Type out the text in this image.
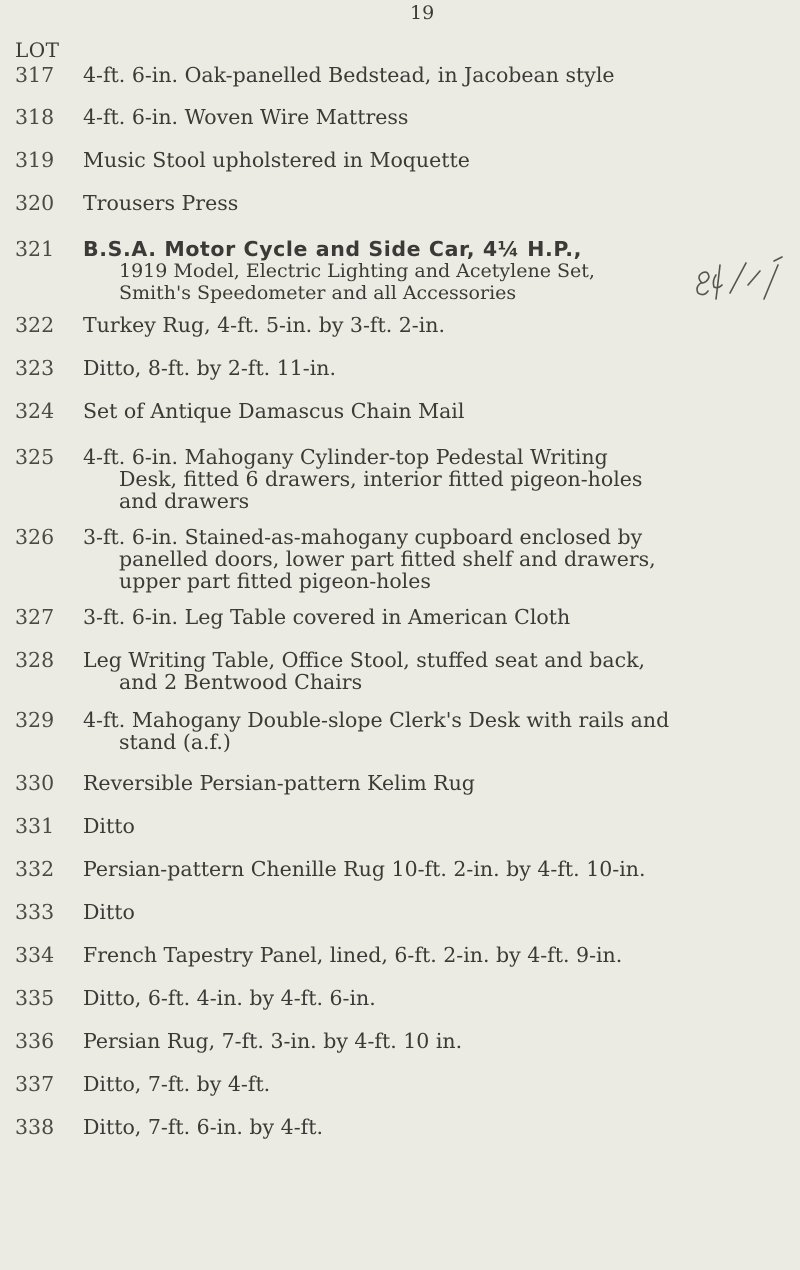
19
LOT
317	4-ft. 6-in. Oak-panelled Bedstead, in Jacobean style
318	4-ft. 6-in. Woven Wire Mattress
319	Music Stool upholstered in Moquette
320	Trousers Press
321	B.S.A. Motor Cycle and Side Car, 4¼ H.P.,
1919 Model, Electric Lighting and Acetylene Set,
Smith's Speedometer and all Accessories
322	Turkey Rug, 4-ft. 5-in. by 3-ft. 2-in.
323	Ditto, 8-ft. by 2-ft. 11-in.
324	Set of Antique Damascus Chain Mail
325	4-ft. 6-in. Mahogany Cylinder-top Pedestal Writing
Desk, fitted 6 drawers, interior fitted pigeon-holes
and drawers
326	3-ft. 6-in. Stained-as-mahogany cupboard enclosed by
panelled doors, lower part fitted shelf and drawers,
upper part fitted pigeon-holes
327	3-ft. 6-in. Leg Table covered in American Cloth
328	Leg Writing Table, Office Stool, stuffed seat and back,
and 2 Bentwood Chairs
329	4-ft. Mahogany Double-slope Clerk's Desk with rails and
stand (a.f.)
330	Reversible Persian-pattern Kelim Rug
331	Ditto
332	Persian-pattern Chenille Rug 10-ft. 2-in. by 4-ft. 10-in.
333	Ditto
334	French Tapestry Panel, lined, 6-ft. 2-in. by 4-ft. 9-in.
335	Ditto, 6-ft. 4-in. by 4-ft. 6-in.
336	Persian Rug, 7-ft. 3-in. by 4-ft. 10 in.
337	Ditto, 7-ft. by 4-ft.
338	Ditto, 7-ft. 6-in. by 4-ft.
